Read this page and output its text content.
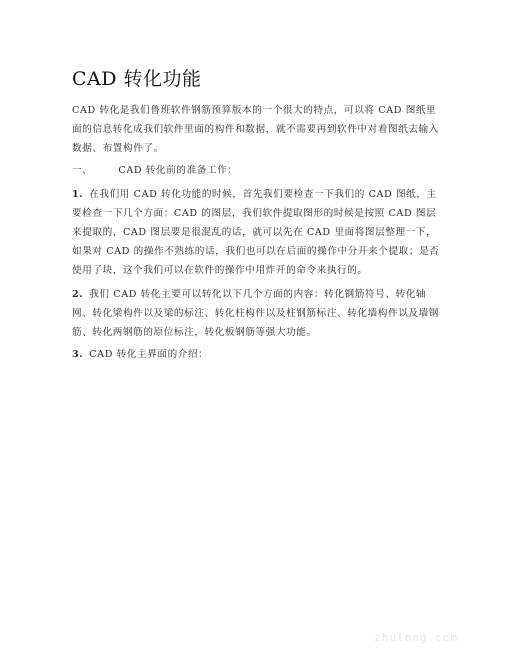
CAD 转化功能
CAD 转化是我们鲁班软件钢筋预算版本的一个很大的特点，可以将 CAD 图纸里面的信息转化成我们软件里面的构件和数据，就不需要再到软件中对着图纸去输入数据、布置构件了。
一、	CAD 转化前的准备工作：
1. 在我们用 CAD 转化功能的时候，首先我们要检查一下我们的 CAD 图纸，主要检查一下几个方面：CAD 的图层，我们软件提取图形的时候是按照 CAD 图层来提取的，CAD 图层要是很混乱的话，就可以先在 CAD 里面将图层整理一下，如果对 CAD 的操作不熟练的话，我们也可以在后面的操作中分开来个提取；是否使用了块，这个我们可以在软件的操作中用炸开的命令来执行的。
2. 我们 CAD 转化主要可以转化以下几个方面的内容：转化钢筋符号、转化轴网、转化梁构件以及梁的标注、转化柱构件以及柱钢筋标注、转化墙构件以及墙钢筋、转化两钢筋的原位标注，转化板钢筋等强大功能。
3. CAD 转化主界面的介绍：
zhulong.com
